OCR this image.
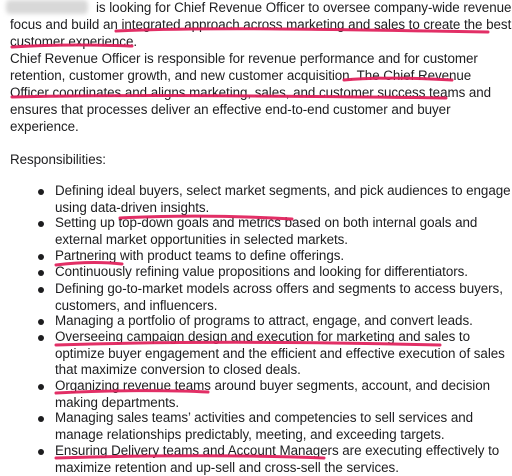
is looking for Chief Revenue Officer to oversee company-wide revenue
focus and build an integrated approach across marketing and sales to create the best
customer experience.
Chief Revenue Officer is responsible for revenue performance and for customer
retention, customer growth, and new customer acquisition. The Chief Revenue
Officer coordinates and aligns marketing, sales, and customer success teams and
ensures that processes deliver an effective end-to-end customer and buyer
experience.
Responsibilities:
Defining ideal buyers, select market segments, and pick audiences to engage
using data-driven insights.
Setting up top-down goals and metrics based on both internal goals and
external market opportunities in selected markets.
Partnering with product teams to define offerings.
Continuously refining value propositions and looking for differentiators.
Defining go-to-market models across offers and segments to access buyers,
customers, and influencers.
Managing a portfolio of programs to attract, engage, and convert leads.
Overseeing campaign design and execution for marketing and sales to
optimize buyer engagement and the efficient and effective execution of sales
that maximize conversion to closed deals.
Organizing revenue teams around buyer segments, account, and decision
making departments.
Managing sales teams’ activities and competencies to sell services and
manage relationships predictably, meeting, and exceeding targets.
Ensuring Delivery teams and Account Managers are executing effectively to
maximize retention and up-sell and cross-sell the services.
